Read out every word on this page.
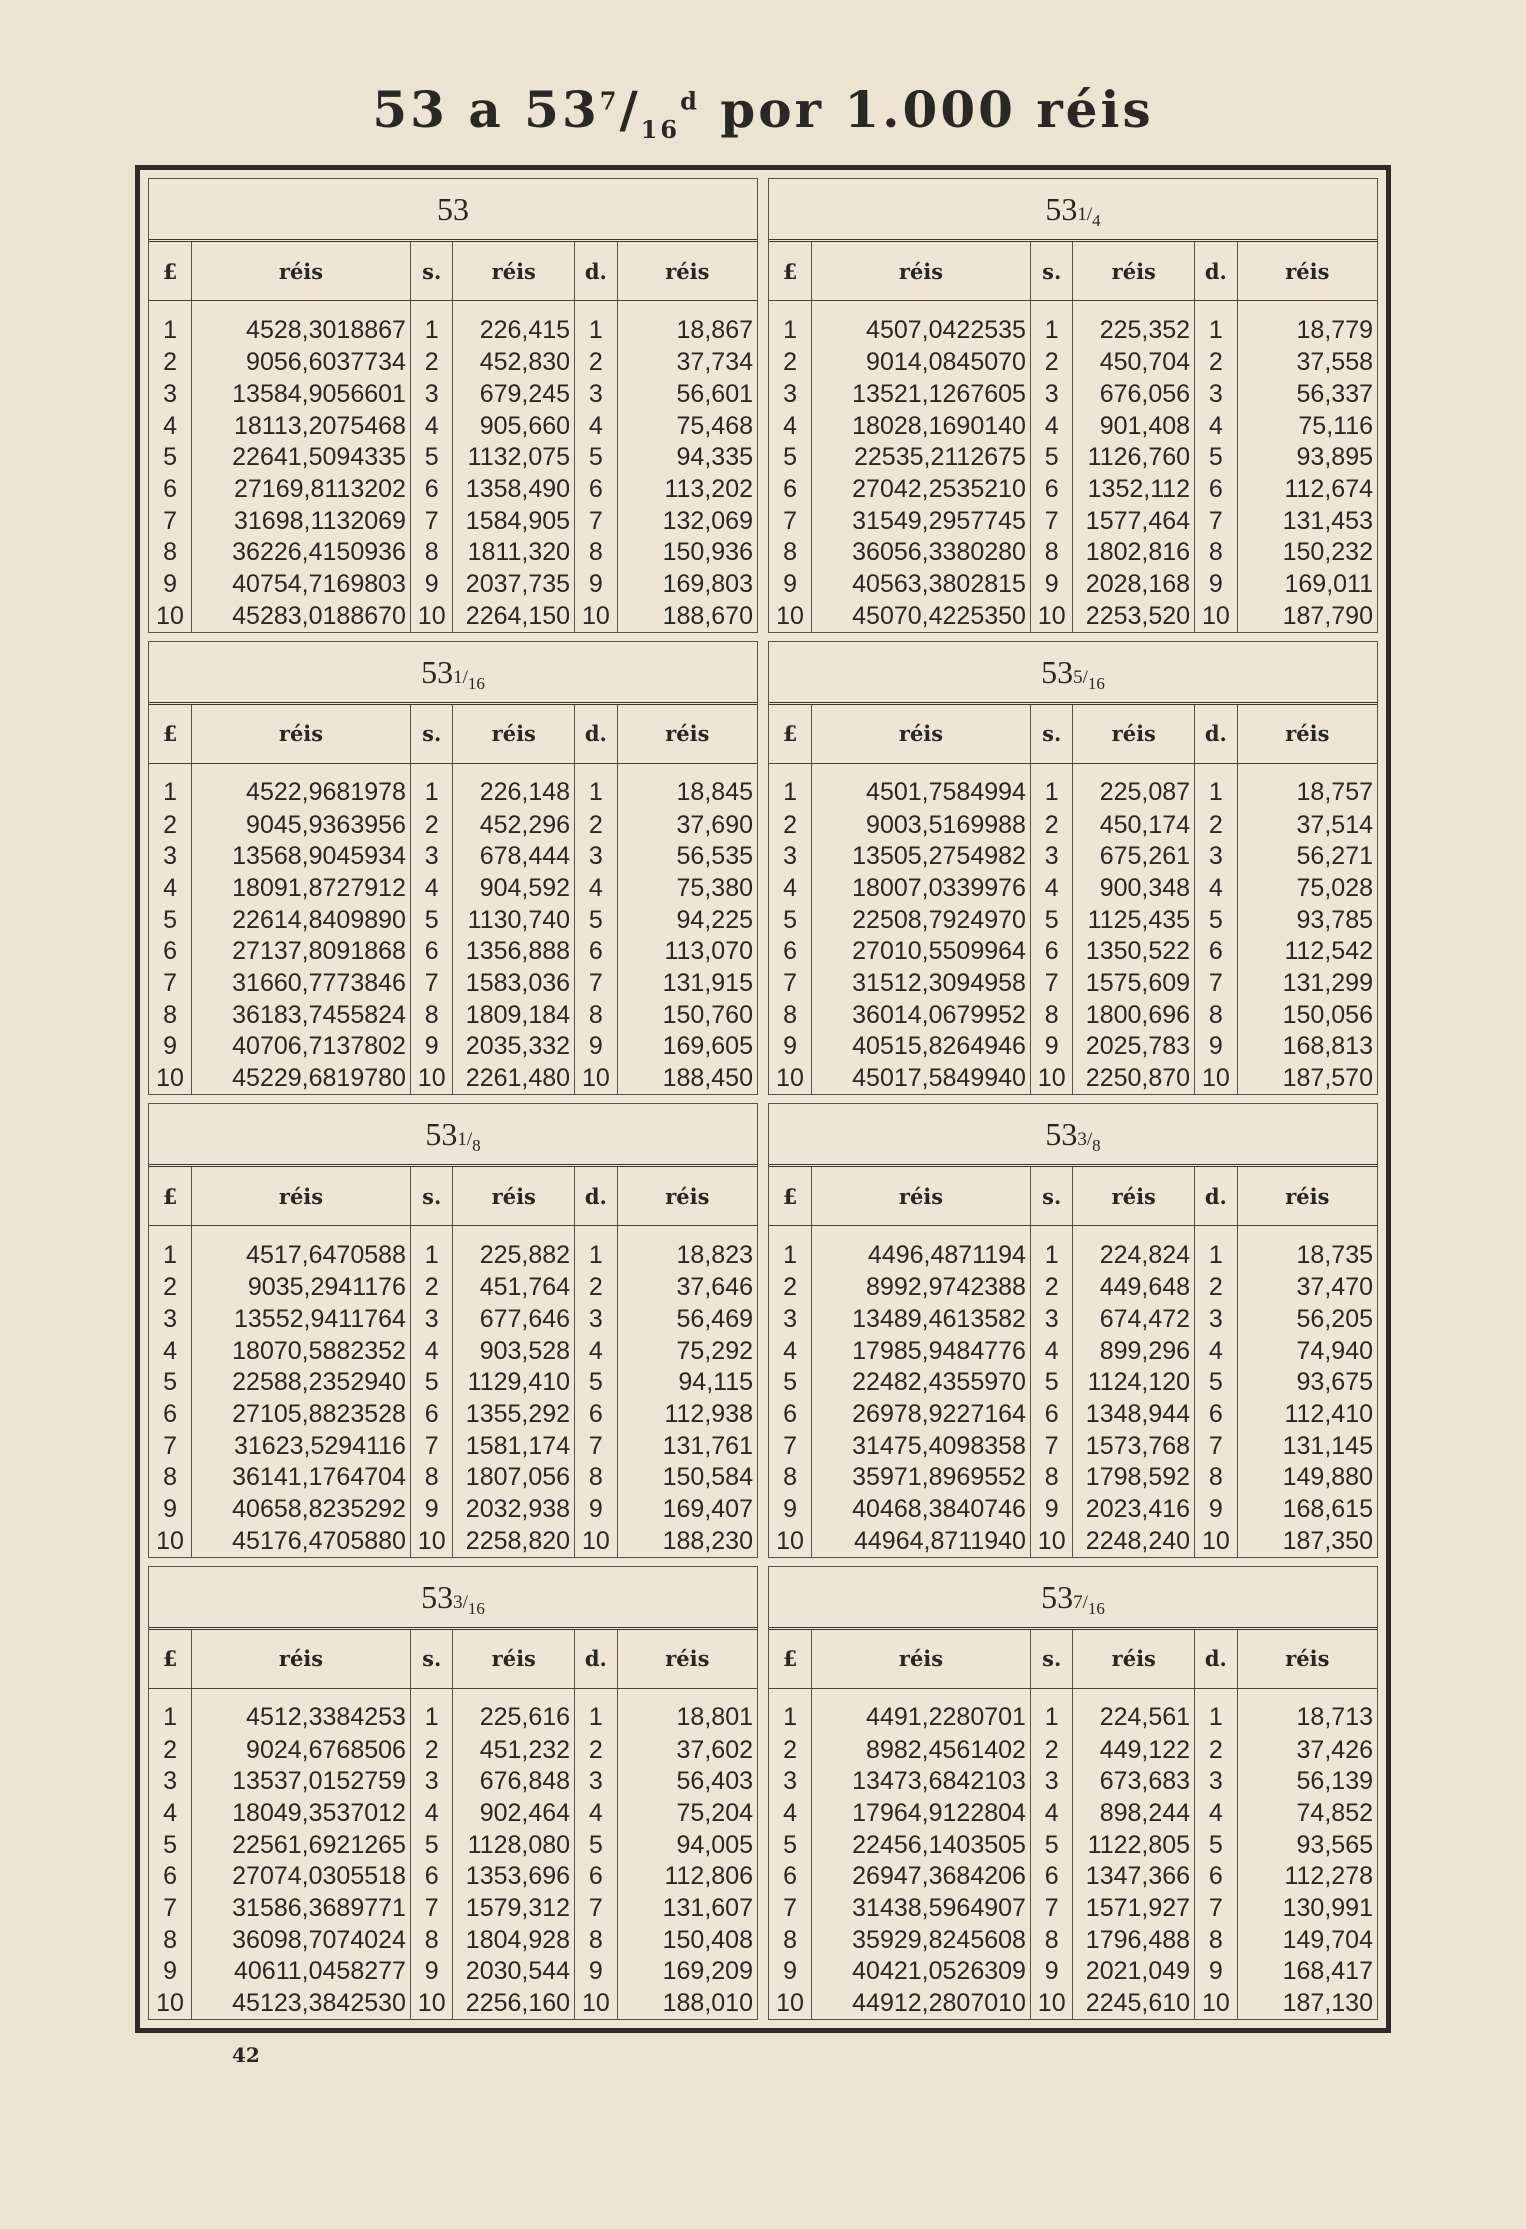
53 a $53^7/_{16}^d$ por 1.000 réis
53
£	réis	s.	réis	d.	réis
1	4528,3018867	1	226,415	1	18,867
2	9056,6037734	2	452,830	2	37,734
3	13584,9056601	3	679,245	3	56,601
4	18113,2075468	4	905,660	4	75,468
5	22641,5094335	5	1132,075	5	94,335
6	27169,8113202	6	1358,490	6	113,202
7	31698,1132069	7	1584,905	7	132,069
8	36226,4150936	8	1811,320	8	150,936
9	40754,7169803	9	2037,735	9	169,803
10	45283,0188670	10	2264,150	10	188,670
531/4
£	réis	s.	réis	d.	réis
1	4507,0422535	1	225,352	1	18,779
2	9014,0845070	2	450,704	2	37,558
3	13521,1267605	3	676,056	3	56,337
4	18028,1690140	4	901,408	4	75,116
5	22535,2112675	5	1126,760	5	93,895
6	27042,2535210	6	1352,112	6	112,674
7	31549,2957745	7	1577,464	7	131,453
8	36056,3380280	8	1802,816	8	150,232
9	40563,3802815	9	2028,168	9	169,011
10	45070,4225350	10	2253,520	10	187,790
531/16
£	réis	s.	réis	d.	réis
1	4522,9681978	1	226,148	1	18,845
2	9045,9363956	2	452,296	2	37,690
3	13568,9045934	3	678,444	3	56,535
4	18091,8727912	4	904,592	4	75,380
5	22614,8409890	5	1130,740	5	94,225
6	27137,8091868	6	1356,888	6	113,070
7	31660,7773846	7	1583,036	7	131,915
8	36183,7455824	8	1809,184	8	150,760
9	40706,7137802	9	2035,332	9	169,605
10	45229,6819780	10	2261,480	10	188,450
535/16
£	réis	s.	réis	d.	réis
1	4501,7584994	1	225,087	1	18,757
2	9003,5169988	2	450,174	2	37,514
3	13505,2754982	3	675,261	3	56,271
4	18007,0339976	4	900,348	4	75,028
5	22508,7924970	5	1125,435	5	93,785
6	27010,5509964	6	1350,522	6	112,542
7	31512,3094958	7	1575,609	7	131,299
8	36014,0679952	8	1800,696	8	150,056
9	40515,8264946	9	2025,783	9	168,813
10	45017,5849940	10	2250,870	10	187,570
531/8
£	réis	s.	réis	d.	réis
1	4517,6470588	1	225,882	1	18,823
2	9035,2941176	2	451,764	2	37,646
3	13552,9411764	3	677,646	3	56,469
4	18070,5882352	4	903,528	4	75,292
5	22588,2352940	5	1129,410	5	94,115
6	27105,8823528	6	1355,292	6	112,938
7	31623,5294116	7	1581,174	7	131,761
8	36141,1764704	8	1807,056	8	150,584
9	40658,8235292	9	2032,938	9	169,407
10	45176,4705880	10	2258,820	10	188,230
533/8
£	réis	s.	réis	d.	réis
1	4496,4871194	1	224,824	1	18,735
2	8992,9742388	2	449,648	2	37,470
3	13489,4613582	3	674,472	3	56,205
4	17985,9484776	4	899,296	4	74,940
5	22482,4355970	5	1124,120	5	93,675
6	26978,9227164	6	1348,944	6	112,410
7	31475,4098358	7	1573,768	7	131,145
8	35971,8969552	8	1798,592	8	149,880
9	40468,3840746	9	2023,416	9	168,615
10	44964,8711940	10	2248,240	10	187,350
533/16
£	réis	s.	réis	d.	réis
1	4512,3384253	1	225,616	1	18,801
2	9024,6768506	2	451,232	2	37,602
3	13537,0152759	3	676,848	3	56,403
4	18049,3537012	4	902,464	4	75,204
5	22561,6921265	5	1128,080	5	94,005
6	27074,0305518	6	1353,696	6	112,806
7	31586,3689771	7	1579,312	7	131,607
8	36098,7074024	8	1804,928	8	150,408
9	40611,0458277	9	2030,544	9	169,209
10	45123,3842530	10	2256,160	10	188,010
537/16
£	réis	s.	réis	d.	réis
1	4491,2280701	1	224,561	1	18,713
2	8982,4561402	2	449,122	2	37,426
3	13473,6842103	3	673,683	3	56,139
4	17964,9122804	4	898,244	4	74,852
5	22456,1403505	5	1122,805	5	93,565
6	26947,3684206	6	1347,366	6	112,278
7	31438,5964907	7	1571,927	7	130,991
8	35929,8245608	8	1796,488	8	149,704
9	40421,0526309	9	2021,049	9	168,417
10	44912,2807010	10	2245,610	10	187,130
42
